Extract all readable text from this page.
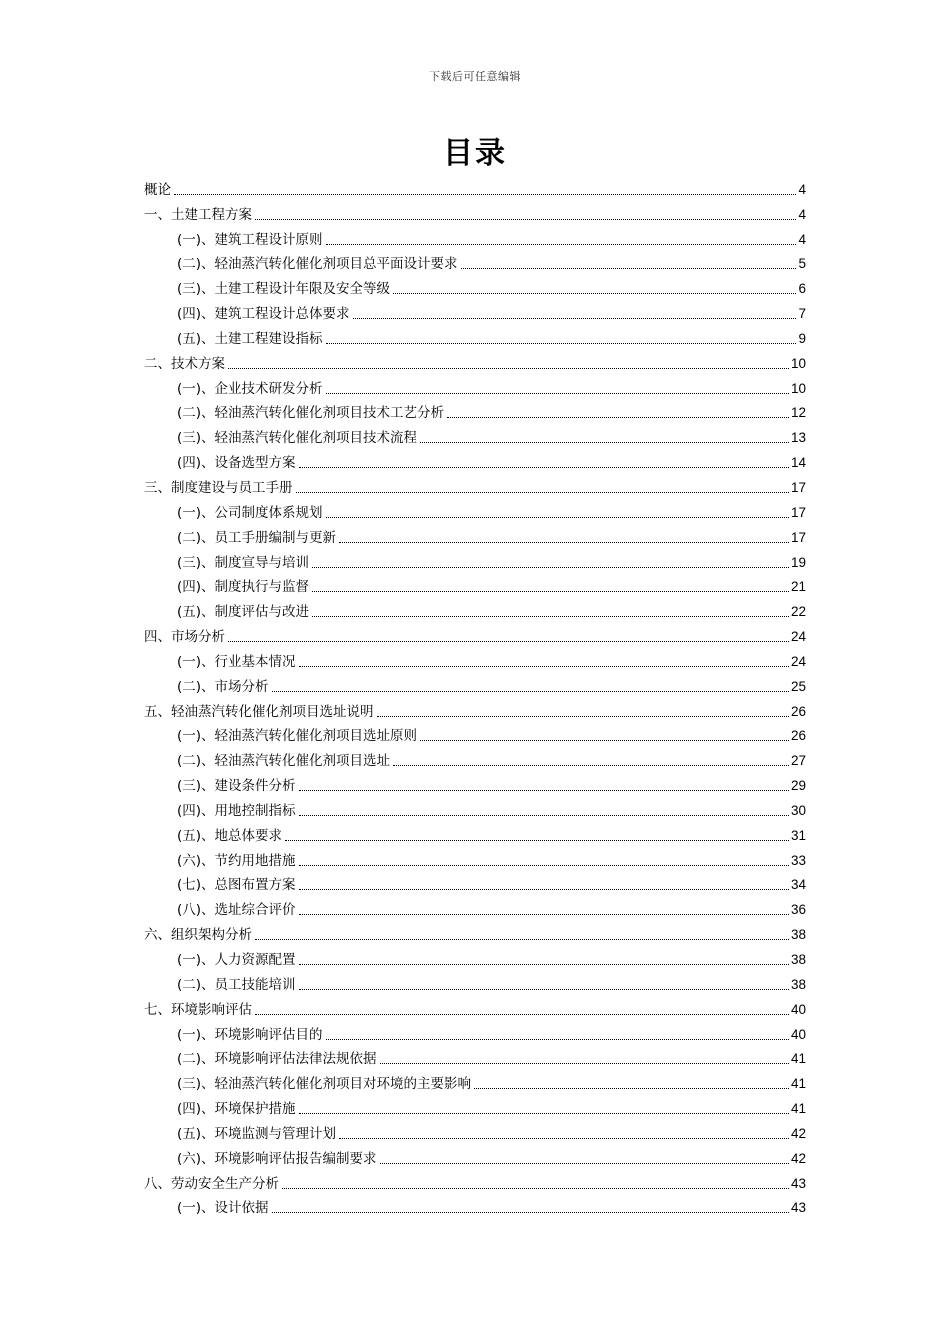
下载后可任意编辑
目录
概论	4
一、土建工程方案	4
(一)、建筑工程设计原则	4
(二)、轻油蒸汽转化催化剂项目总平面设计要求	5
(三)、土建工程设计年限及安全等级	6
(四)、建筑工程设计总体要求	7
(五)、土建工程建设指标	9
二、技术方案	10
(一)、企业技术研发分析	10
(二)、轻油蒸汽转化催化剂项目技术工艺分析	12
(三)、轻油蒸汽转化催化剂项目技术流程	13
(四)、设备选型方案	14
三、制度建设与员工手册	17
(一)、公司制度体系规划	17
(二)、员工手册编制与更新	17
(三)、制度宣导与培训	19
(四)、制度执行与监督	21
(五)、制度评估与改进	22
四、市场分析	24
(一)、行业基本情况	24
(二)、市场分析	25
五、轻油蒸汽转化催化剂项目选址说明	26
(一)、轻油蒸汽转化催化剂项目选址原则	26
(二)、轻油蒸汽转化催化剂项目选址	27
(三)、建设条件分析	29
(四)、用地控制指标	30
(五)、地总体要求	31
(六)、节约用地措施	33
(七)、总图布置方案	34
(八)、选址综合评价	36
六、组织架构分析	38
(一)、人力资源配置	38
(二)、员工技能培训	38
七、环境影响评估	40
(一)、环境影响评估目的	40
(二)、环境影响评估法律法规依据	41
(三)、轻油蒸汽转化催化剂项目对环境的主要影响	41
(四)、环境保护措施	41
(五)、环境监测与管理计划	42
(六)、环境影响评估报告编制要求	42
八、劳动安全生产分析	43
(一)、设计依据	43
